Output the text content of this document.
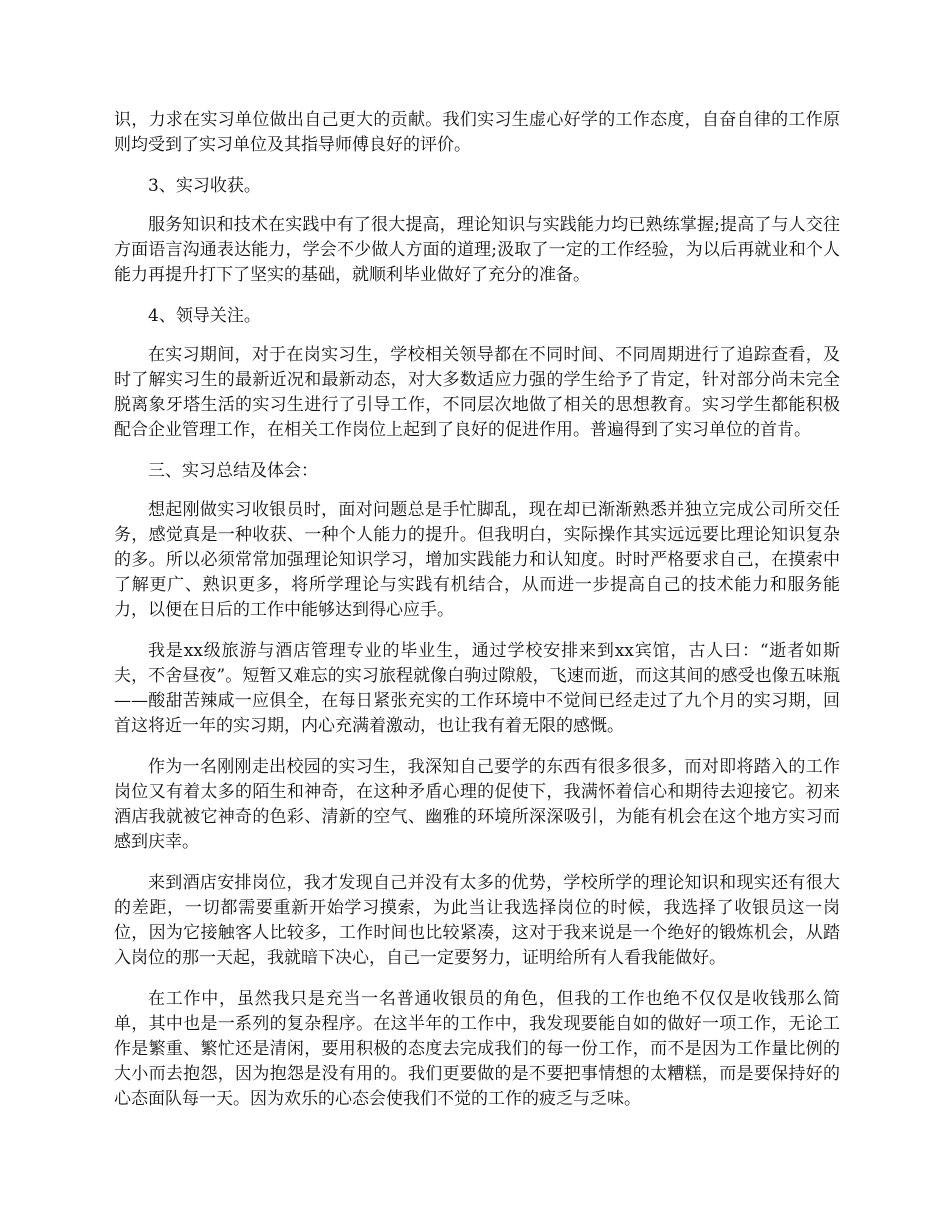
识，力求在实习单位做出自己更大的贡献。我们实习生虚心好学的工作态度，自奋自律的工作原则均受到了实习单位及其指导师傅良好的评价。

3、实习收获。

服务知识和技术在实践中有了很大提高，理论知识与实践能力均已熟练掌握;提高了与人交往方面语言沟通表达能力，学会不少做人方面的道理;汲取了一定的工作经验，为以后再就业和个人能力再提升打下了坚实的基础，就顺利毕业做好了充分的准备。

4、领导关注。

在实习期间，对于在岗实习生，学校相关领导都在不同时间、不同周期进行了追踪查看，及时了解实习生的最新近况和最新动态，对大多数适应力强的学生给予了肯定，针对部分尚未完全脱离象牙塔生活的实习生进行了引导工作，不同层次地做了相关的思想教育。实习学生都能积极配合企业管理工作，在相关工作岗位上起到了良好的促进作用。普遍得到了实习单位的首肯。

三、实习总结及体会：

想起刚做实习收银员时，面对问题总是手忙脚乱，现在却已渐渐熟悉并独立完成公司所交任务，感觉真是一种收获、一种个人能力的提升。但我明白，实际操作其实远远要比理论知识复杂的多。所以必须常常加强理论知识学习，增加实践能力和认知度。时时严格要求自己，在摸索中了解更广、熟识更多，将所学理论与实践有机结合，从而进一步提高自己的技术能力和服务能力，以便在日后的工作中能够达到得心应手。

我是xx级旅游与酒店管理专业的毕业生，通过学校安排来到xx宾馆，古人曰：“逝者如斯夫，不舍昼夜”。短暂又难忘的实习旅程就像白驹过隙般，飞速而逝，而这其间的感受也像五味瓶——酸甜苦辣咸一应俱全，在每日紧张充实的工作环境中不觉间已经走过了九个月的实习期，回首这将近一年的实习期，内心充满着激动，也让我有着无限的感慨。

作为一名刚刚走出校园的实习生，我深知自己要学的东西有很多很多，而对即将踏入的工作岗位又有着太多的陌生和神奇，在这种矛盾心理的促使下，我满怀着信心和期待去迎接它。初来酒店我就被它神奇的色彩、清新的空气、幽雅的环境所深深吸引，为能有机会在这个地方实习而感到庆幸。

来到酒店安排岗位，我才发现自己并没有太多的优势，学校所学的理论知识和现实还有很大的差距，一切都需要重新开始学习摸索，为此当让我选择岗位的时候，我选择了收银员这一岗位，因为它接触客人比较多，工作时间也比较紧凑，这对于我来说是一个绝好的锻炼机会，从踏入岗位的那一天起，我就暗下决心，自己一定要努力，证明给所有人看我能做好。

在工作中，虽然我只是充当一名普通收银员的角色，但我的工作也绝不仅仅是收钱那么简单，其中也是一系列的复杂程序。在这半年的工作中，我发现要能自如的做好一项工作，无论工作是繁重、繁忙还是清闲，要用积极的态度去完成我们的每一份工作，而不是因为工作量比例的大小而去抱怨，因为抱怨是没有用的。我们更要做的是不要把事情想的太糟糕，而是要保持好的心态面队每一天。因为欢乐的心态会使我们不觉的工作的疲乏与乏味。
